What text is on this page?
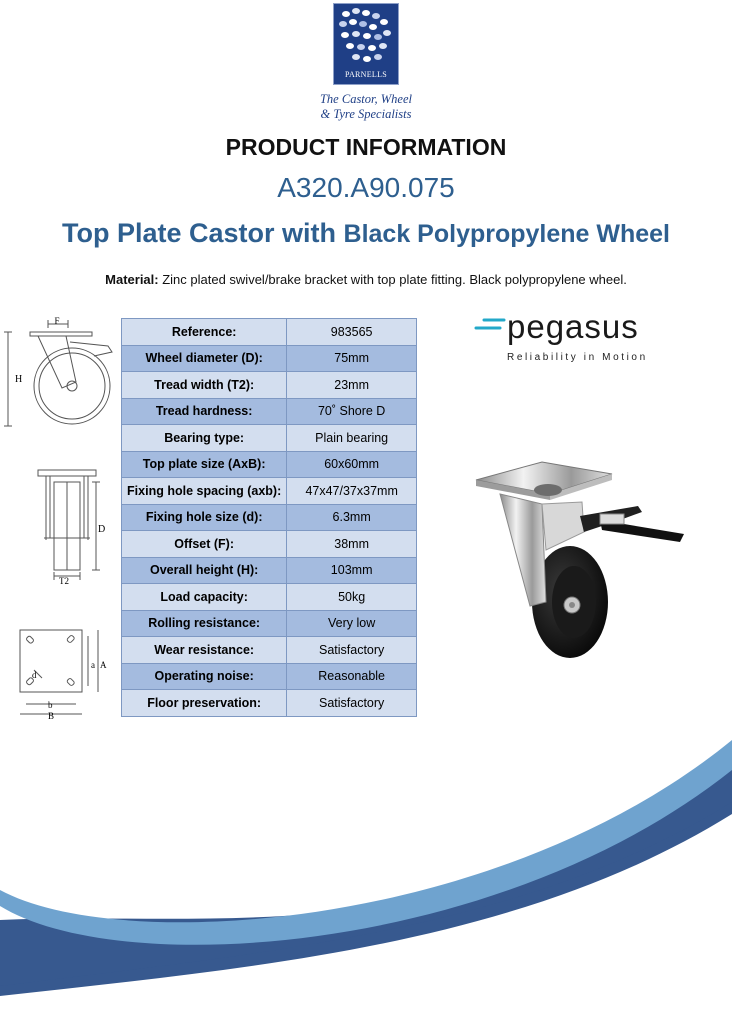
PARNELLS
The Castor, Wheel
& Tyre Specialists
PRODUCT INFORMATION
A320.A90.075
Top Plate Castor with Black Polypropylene Wheel
Material: Zinc plated swivel/brake bracket with top plate fitting. Black polypropylene wheel.
F
H
D
T2
a A
b
B
d
Reference:	983565
Wheel diameter (D):	75mm
Tread width (T2):	23mm
Tread hardness:	70˚ Shore D
Bearing type:	Plain bearing
Top plate size (AxB):	60x60mm
Fixing hole spacing (axb):	47x47/37x37mm
Fixing hole size (d):	6.3mm
Offset (F):	38mm
Overall height (H):	103mm
Load capacity:	50kg
Rolling resistance:	Very low
Wear resistance:	Satisfactory
Operating noise:	Reasonable
Floor preservation:	Satisfactory
pegasus
Reliability in Motion
